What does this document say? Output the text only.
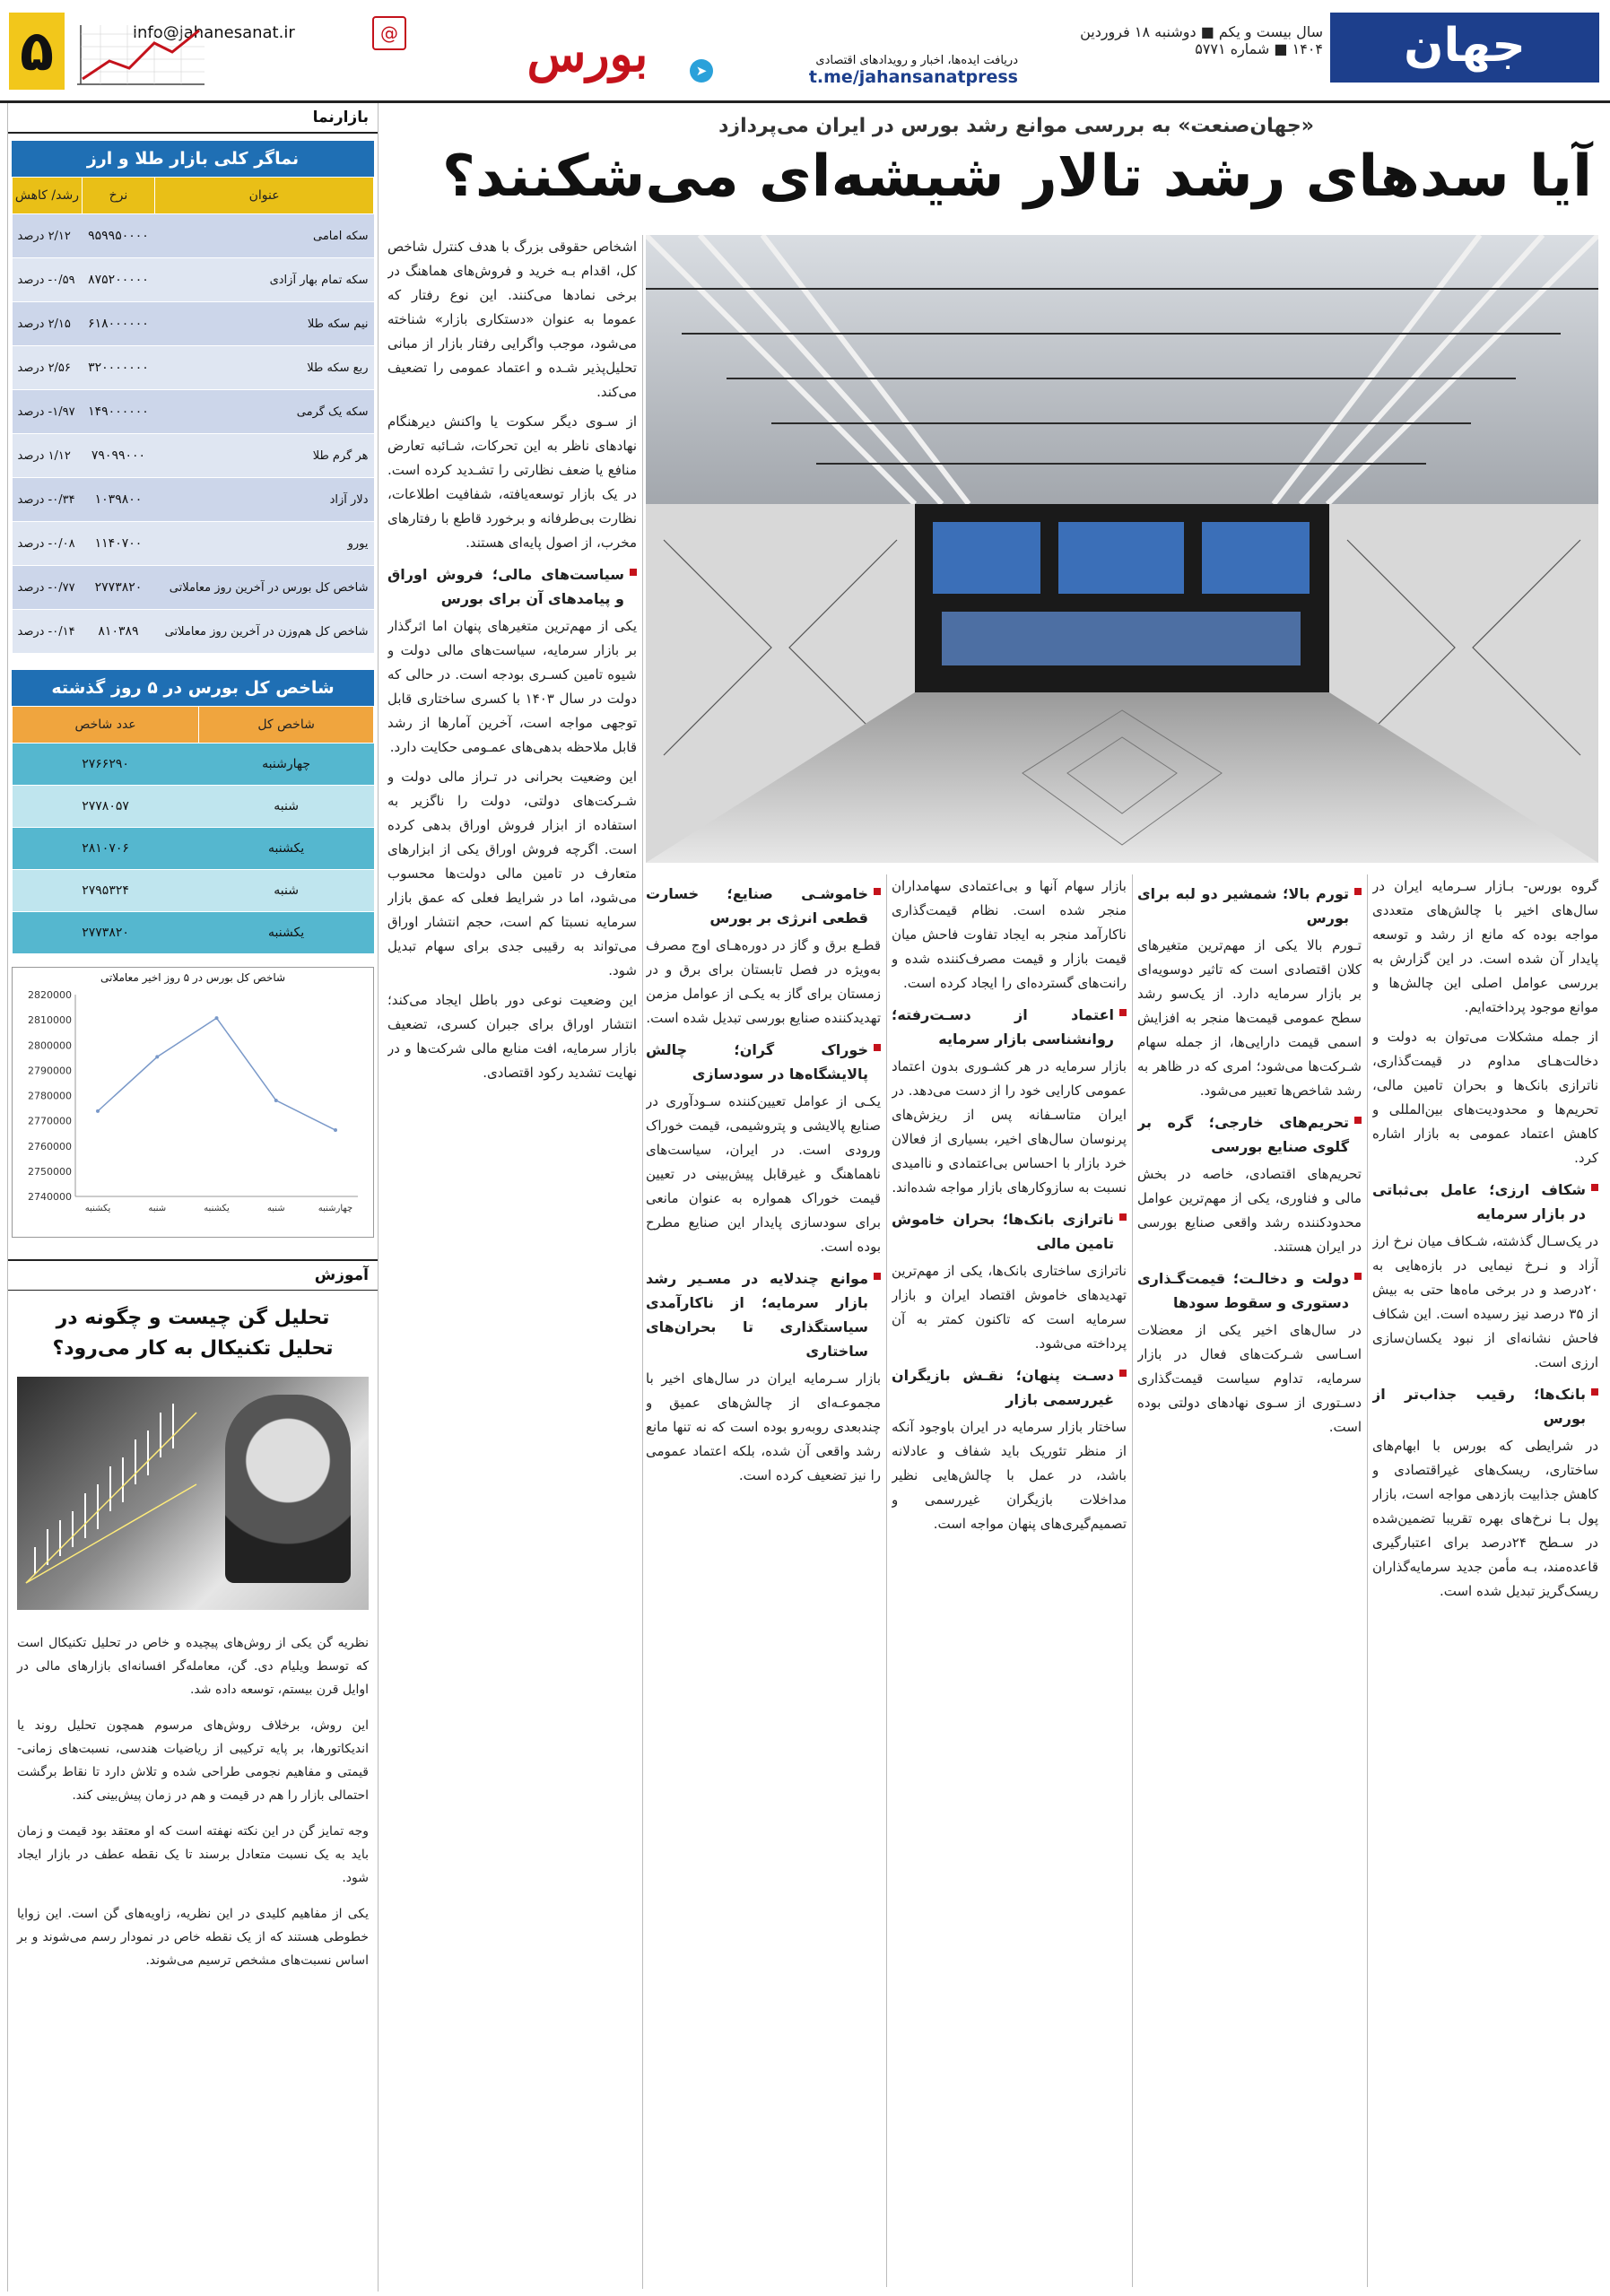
جهان صنعت
سال بیست و یکم ■ دوشنبه ۱۸ فروردین ۱۴۰۴ ■ شماره ۵۷۷۱
➤
دریافت ایده‌ها، اخبار و رویدادهای اقتصادی
t.me/jahansanatpress
بورس
@
info@jahanesanat.ir
۵
بازارنما
نماگر کلی بازار طلا و ارز
عنوان	نرخ	رشد/ کاهش
سکه امامی	۹۵۹۹۵۰۰۰۰	۲/۱۲ درصد
سکه تمام بهار آزادی	۸۷۵۲۰۰۰۰۰	۰/۵۹- درصد
نیم سکه طلا	۶۱۸۰۰۰۰۰۰	۲/۱۵ درصد
ربع سکه طلا	۳۲۰۰۰۰۰۰۰	۲/۵۶ درصد
سکه یک گرمی	۱۴۹۰۰۰۰۰۰	۱/۹۷- درصد
هر گرم طلا	۷۹۰۹۹۰۰۰	۱/۱۲ درصد
دلار آزاد	۱۰۳۹۸۰۰	۰/۳۴- درصد
یورو	۱۱۴۰۷۰۰	۰/۰۸- درصد
شاخص کل بورس در آخرین روز معاملاتی	۲۷۷۳۸۲۰	۰/۷۷- درصد
شاخص کل هم‌وزن در آخرین روز معاملاتی	۸۱۰۳۸۹	۰/۱۴- درصد
شاخص کل بورس در ۵ روز گذشته
شاخص کل	عدد شاخص
چهارشنبه	۲۷۶۶۲۹۰
شنبه	۲۷۷۸۰۵۷
یکشنبه	۲۸۱۰۷۰۶
شنبه	۲۷۹۵۳۲۴
یکشنبه	۲۷۷۳۸۲۰
شاخص کل بورس در ۵ روز اخیر معاملاتی
2820000
2810000
2800000
2790000
2780000
2770000
2760000
2750000
2740000
چهارشنبه
شنبه
یکشنبه
شنبه
یکشنبه
آموزش
تحلیل گن چیست و چگونه در تحلیل تکنیکال به کار می‌رود؟

نظریه گن یکی از روش‌های پیچیده و خاص در تحلیل تکنیکال است که توسط ویلیام دی. گن، معامله‌گر افسانه‌ای بازارهای مالی در اوایل قرن بیستم، توسعه داده شد.

این روش، برخلاف روش‌های مرسوم همچون تحلیل روند یا اندیکاتورها، بر پایه ترکیبی از ریاضیات هندسی، نسبت‌های زمانی-قیمتی و مفاهیم نجومی طراحی شده و تلاش دارد تا نقاط برگشت احتمالی بازار را هم در قیمت و هم در زمان پیش‌بینی کند.

وجه تمایز گن در این نکته نهفته است که او معتقد بود قیمت و زمان باید به یک نسبت متعادل برسند تا یک نقطه عطف در بازار ایجاد شود.

یکی از مفاهیم کلیدی در این نظریه، زاویه‌های گن است. این زوایا خطوطی هستند که از یک نقطه خاص در نمودار رسم می‌شوند و بر اساس نسبت‌های مشخص ترسیم می‌شوند.

«جهان‌صنعت» به بررسی موانع رشد بورس در ایران می‌پردازد
آیا سدهای رشد تالار شیشه‌ای می‌شکنند؟

اشخاص حقوقی بزرگ با هدف کنترل شاخص کل، اقدام بـه خرید و فروش‌های هماهنگ در برخی نمادها می‌کنند. این نوع رفتار که عموما به عنوان «دستکاری بازار» شناخته می‌شود، موجب واگرایی رفتار بازار از مبانی تحلیل‌پذیر شـده و اعتماد عمومی را تضعیف می‌کند.

از سـوی دیگر سکوت یا واکنش دیرهنگام نهادهای ناظر به این تحرکات، شـائبه تعارض منافع یا ضعف نظارتی را تشـدید کرده است. در یک بازار توسعه‌یافته، شفافیت اطلاعات، نظارت بی‌طرفانه و برخورد قاطع با رفتارهای مخرب، از اصول پایه‌ای هستند.

سیاست‌های مالی؛ فروش اوراق و پیامدهای آن برای بورس

یکی از مهم‌ترین متغیرهای پنهان اما اثرگذار بر بازار سرمایه، سیاست‌های مالی دولت و شیوه تامین کسـری بودجه است. در حالی که دولت در سال ۱۴۰۳ با کسری ساختاری قابل توجهی مواجه است، آخرین آمارها از رشد قابل ملاحظه بدهی‌های عمـومی حکایت دارد.

این وضعیت بحرانی در تـراز مالی دولت و شـرکت‌های دولتی، دولت را ناگزیر به استفاده از ابزار فروش اوراق بدهی کرده است. اگرچه فروش اوراق یکی از ابزارهای متعارف در تامین مالی دولت‌ها محسوب می‌شود، اما در شرایط فعلی که عمق بازار سرمایه نسبتا کم است، حجم انتشار اوراق می‌تواند به رقیبی جدی برای سهام تبدیل شود.

این وضعیت نوعی دور باطل ایجاد می‌کند؛ انتشار اوراق برای جبران کسری، تضعیف بازار سرمایه، افت منابع مالی شرکت‌ها و در نهایت تشدید رکود اقتصادی.

خاموشـی صنایع؛ خسارت قطعی انرژی بر بورس

قطـع برق و گاز در دوره‌هـای اوج مصرف به‌ویژه در فصل تابستان برای برق و در زمستان برای گاز به یکـی از عوامل مزمن تهدیدکننده صنایع بورسی تبدیل شده است.

خوراک گران؛ چالش پالایشگاه‌ها در سودسازی

یکـی از عوامل تعیین‌کننده سـودآوری در صنایع پالایشی و پتروشیمی، قیمت خوراک ورودی است. در ایران، سیاست‌های ناهماهنگ و غیرقابل پیش‌بینی در تعیین قیمت خوراک همواره به عنوان مانعی برای سودسازی پایدار این صنایع مطرح بوده است.

موانع چندلایه در مسـیر رشد بازار سرمایه؛ از ناکارآمدی سیاستگذاری تا بحران‌های ساختاری

بازار سـرمایه ایران در سال‌های اخیر با مجموعـه‌ای از چالش‌های عمیق و چندبعدی روبه‌رو بوده است که نه تنها مانع رشد واقعی آن شده، بلکه اعتماد عمومی را نیز تضعیف کرده است.

بازار سهام آنها و بی‌اعتمادی سهامداران منجر شده است. نظام قیمت‌گذاری ناکارآمد منجر به ایجاد تفاوت فاحش میان قیمت بازار و قیمت مصرف‌کننده شده و رانت‌های گسترده‌ای را ایجاد کرده است.

اعتماد از دسـت‌رفته؛ روانشناسی بازار سرمایه

بازار سرمایه در هر کشـوری بدون اعتماد عمومی کارایی خود را از دست می‌دهد. در ایران متاسـفانه پس از ریزش‌های پرنوسان سال‌های اخیر، بسیاری از فعالان خرد بازار با احساس بی‌اعتمادی و ناامیدی نسبت به سازوکارهای بازار مواجه شده‌اند.

ناترازی بانک‌ها؛ بحران خاموش تامین مالی

ناترازی ساختاری بانک‌ها، یکی از مهم‌ترین تهدیدهای خاموش اقتصاد ایران و بازار سرمایه است که تاکنون کمتر به آن پرداخته می‌شود.

دسـت پنهان؛ نقـش بازیگران غیررسمی بازار

ساختار بازار سرمایه در ایران باوجود آنکه از منظر تئوریک باید شفاف و عادلانه باشد، در عمل با چالش‌هایی نظیر مداخلات بازیگران غیررسمی و تصمیم‌گیری‌های پنهان مواجه است.

تورم بالا؛ شمشیر دو لبه برای بورس

تـورم بالا یکی از مهم‌ترین متغیرهای کلان اقتصادی است که تاثیر دوسویه‌ای بر بازار سرمایه دارد. از یک‌سو رشد سطح عمومی قیمت‌ها منجر به افزایش اسمی قیمت دارایی‌ها، از جمله سهام شـرکت‌ها می‌شود؛ امری که در ظاهر به رشد شاخص‌ها تعبیر می‌شود.

تحریم‌های خارجی؛ گره بر گلوی صنایع بورسی

تحریم‌های اقتصادی، خاصه در بخش مالی و فناوری، یکی از مهم‌ترین عوامل محدودکننده رشد واقعی صنایع بورسی در ایران هستند.

دولت و دخالـت؛ قیمت‌گـذاری دستوری و سقوط سودها

در سال‌های اخیر یکی از معضلات اسـاسی شـرکت‌های فعال در بازار سرمایه، تداوم سیاست قیمت‌گذاری دسـتوری از سـوی نهادهای دولتی بوده است.

گروه بورس- بـازار سـرمایه ایران در سال‌های اخیر با چالش‌های متعددی مواجه بوده که مانع از رشد و توسعه پایدار آن شده است. در این گزارش به بررسی عوامل اصلی این چالش‌ها و موانع موجود پرداخته‌ایم.

از جمله مشکلات می‌توان به دولت و دخالت‌هـای مداوم در قیمت‌گذاری، ناترازی بانک‌ها و بحران تامین مالی، تحریم‌ها و محدودیت‌های بین‌المللی و کاهش اعتماد عمومی به بازار اشاره کرد.

شکاف ارزی؛ عامل بی‌ثباتی در بازار سرمایه

در یک‌سـال گذشته، شـکاف میان نرخ ارز آزاد و نـرخ نیمایی در بازه‌هایی به ۲۰درصد و در برخی ماه‌ها حتی به بیش از ۳۵ درصد نیز رسیده است. این شکاف فاحش نشانه‌ای از نبود یکسان‌سازی ارزی است.

بانک‌ها؛ رقیب جذاب‌تر از بورس

در شرایطی که بورس با ابهام‌های ساختاری، ریسک‌های غیراقتصادی و کاهش جذابیت بازدهی مواجه است، بازار پول بـا نرخ‌های بهره تقریبا تضمین‌شده در سـطح ۲۴درصد برای اعتبارگیری قاعده‌مند، بـه مأمن جدید سرمایه‌گذاران ریسک‌گریز تبدیل شده است.
